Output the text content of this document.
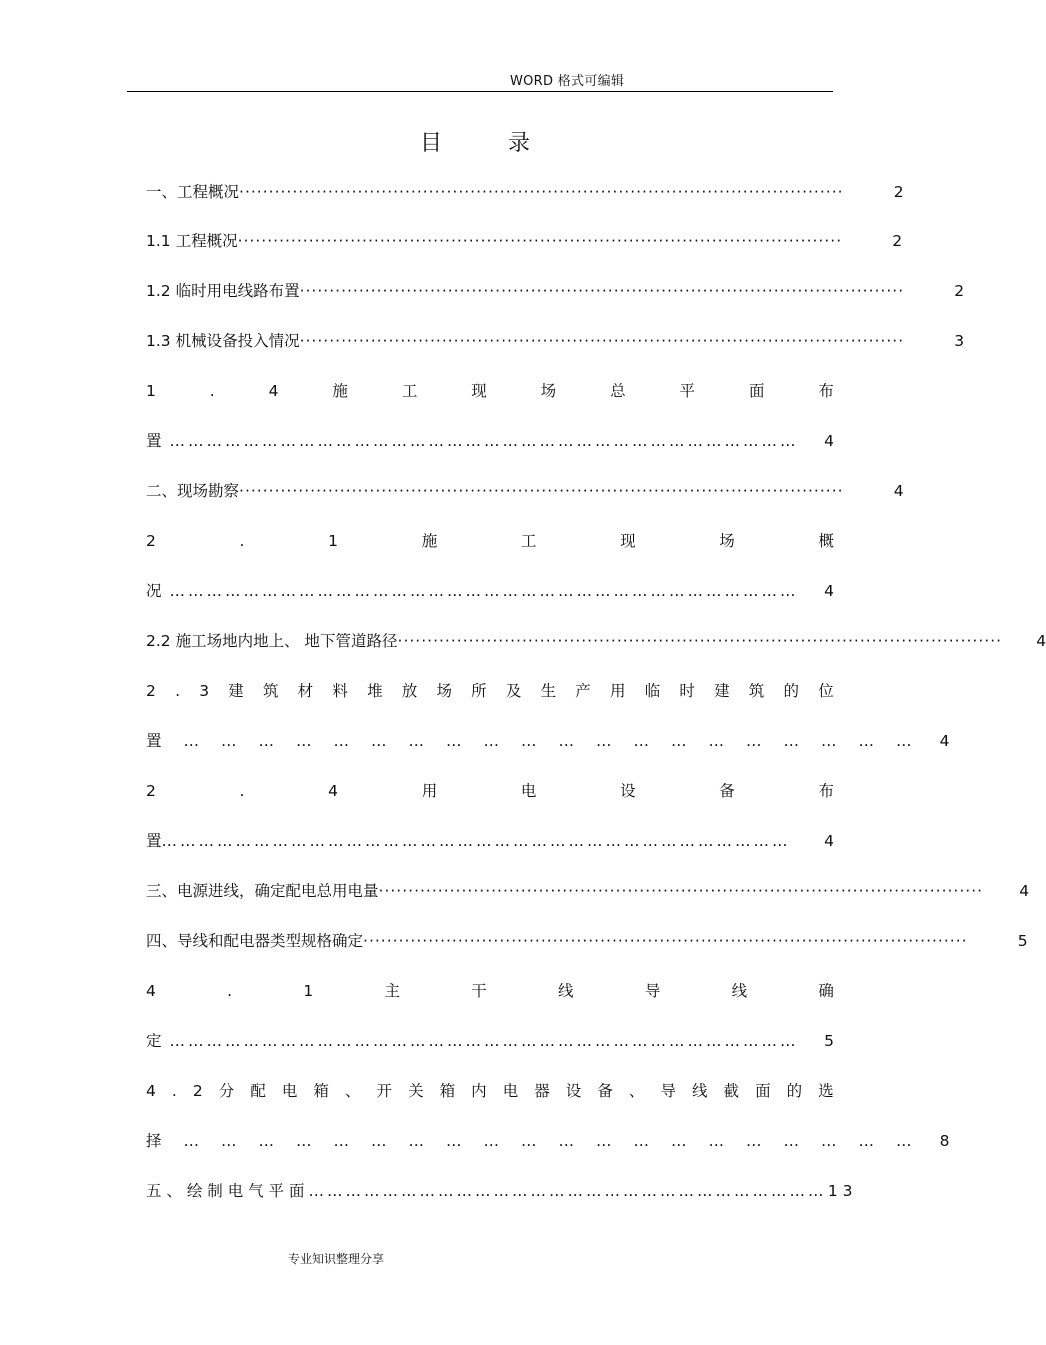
WORD 格式可编辑
目录
一、工程概况 ······································································································	2
1.1 工程概况 ······································································································	2
1.2 临时用电线路布置 ······································································································	2
1.3 机械设备投入情况 ······································································································	3
1	.	4	施	工	现	场	总	平	面	布
置 …………………………………………………………………………………………	4
二、现场勘察 ······································································································	4
2	.	1	施	工	现	场	概
况 …………………………………………………………………………………………	4
2.2 施工场地内地上、 地下管道路径 ······································································································	4
2 . 3 建 筑 材 料 堆 放 场 所 及 生 产 用 临 时 建 筑 的 位
置	…………………………………………………… 4
2	.	4	用	电	设	备	布
置 …………………………………………………………………………………………	4
三、电源进线，确定配电总用电量 ······································································································	4
四、导线和配电器类型规格确定 ······································································································	5
4	.	1	主	干	线	导	线	确
定 …………………………………………………………………………………………	5
4 . 2 分 配 电 箱 、 开 关 箱 内 电 器 设 备 、 导 线 截 面 的 选
择	…………………………………………………… 8
五 、 绘 制 电 气 平 面 ………………………………………………………………………… 1 3
专业知识整理分享
